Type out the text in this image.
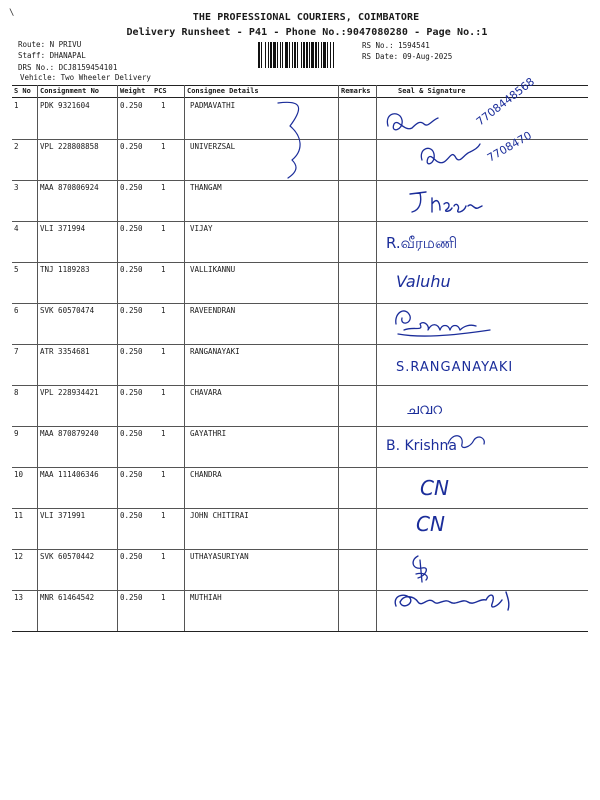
\	THE PROFESSIONAL COURIERS, COIMBATORE
Delivery Runsheet - P41 - Phone No.:9047080280 - Page No.:1
Route: N PRIVU
Staff: DHANAPAL
DRS No.: DCJ8159454101
Vehicle: Two Wheeler Delivery
RS No.: 1594541
RS Date: 09-Aug-2025
S No Consignment No	Weight PCS	Consignee Details	Remarks	Seal & Signature
1	PDK 9321604	0.250 1	PADMAVATHI
2	VPL 228808858	0.250 1	UNIVERZSAL
3	MAA 870806924	0.250 1	THANGAM
4	VLI 371994	0.250 1	VIJAY
5	TNJ 1189283	0.250 1	VALLIKANNU
6	SVK 60570474	0.250 1	RAVEENDRAN
7	ATR 3354681	0.250 1	RANGANAYAKI
8	VPL 228934421	0.250 1	CHAVARA
9	MAA 870879240	0.250 1	GAYATHRI
10 MAA 111406346	0.250 1	CHANDRA
11 VLI 371991	0.250 1	JOHN CHITIRAI
12 SVK 60570442	0.250 1	UTHAYASURIYAN
13 MNR 61464542	0.250 1	MUTHIAH
7708448568
7708470
R.வீரமணி
Valuhu
S.RANGANAYAKI
ചവറ
B. Krishna
CN
CN
